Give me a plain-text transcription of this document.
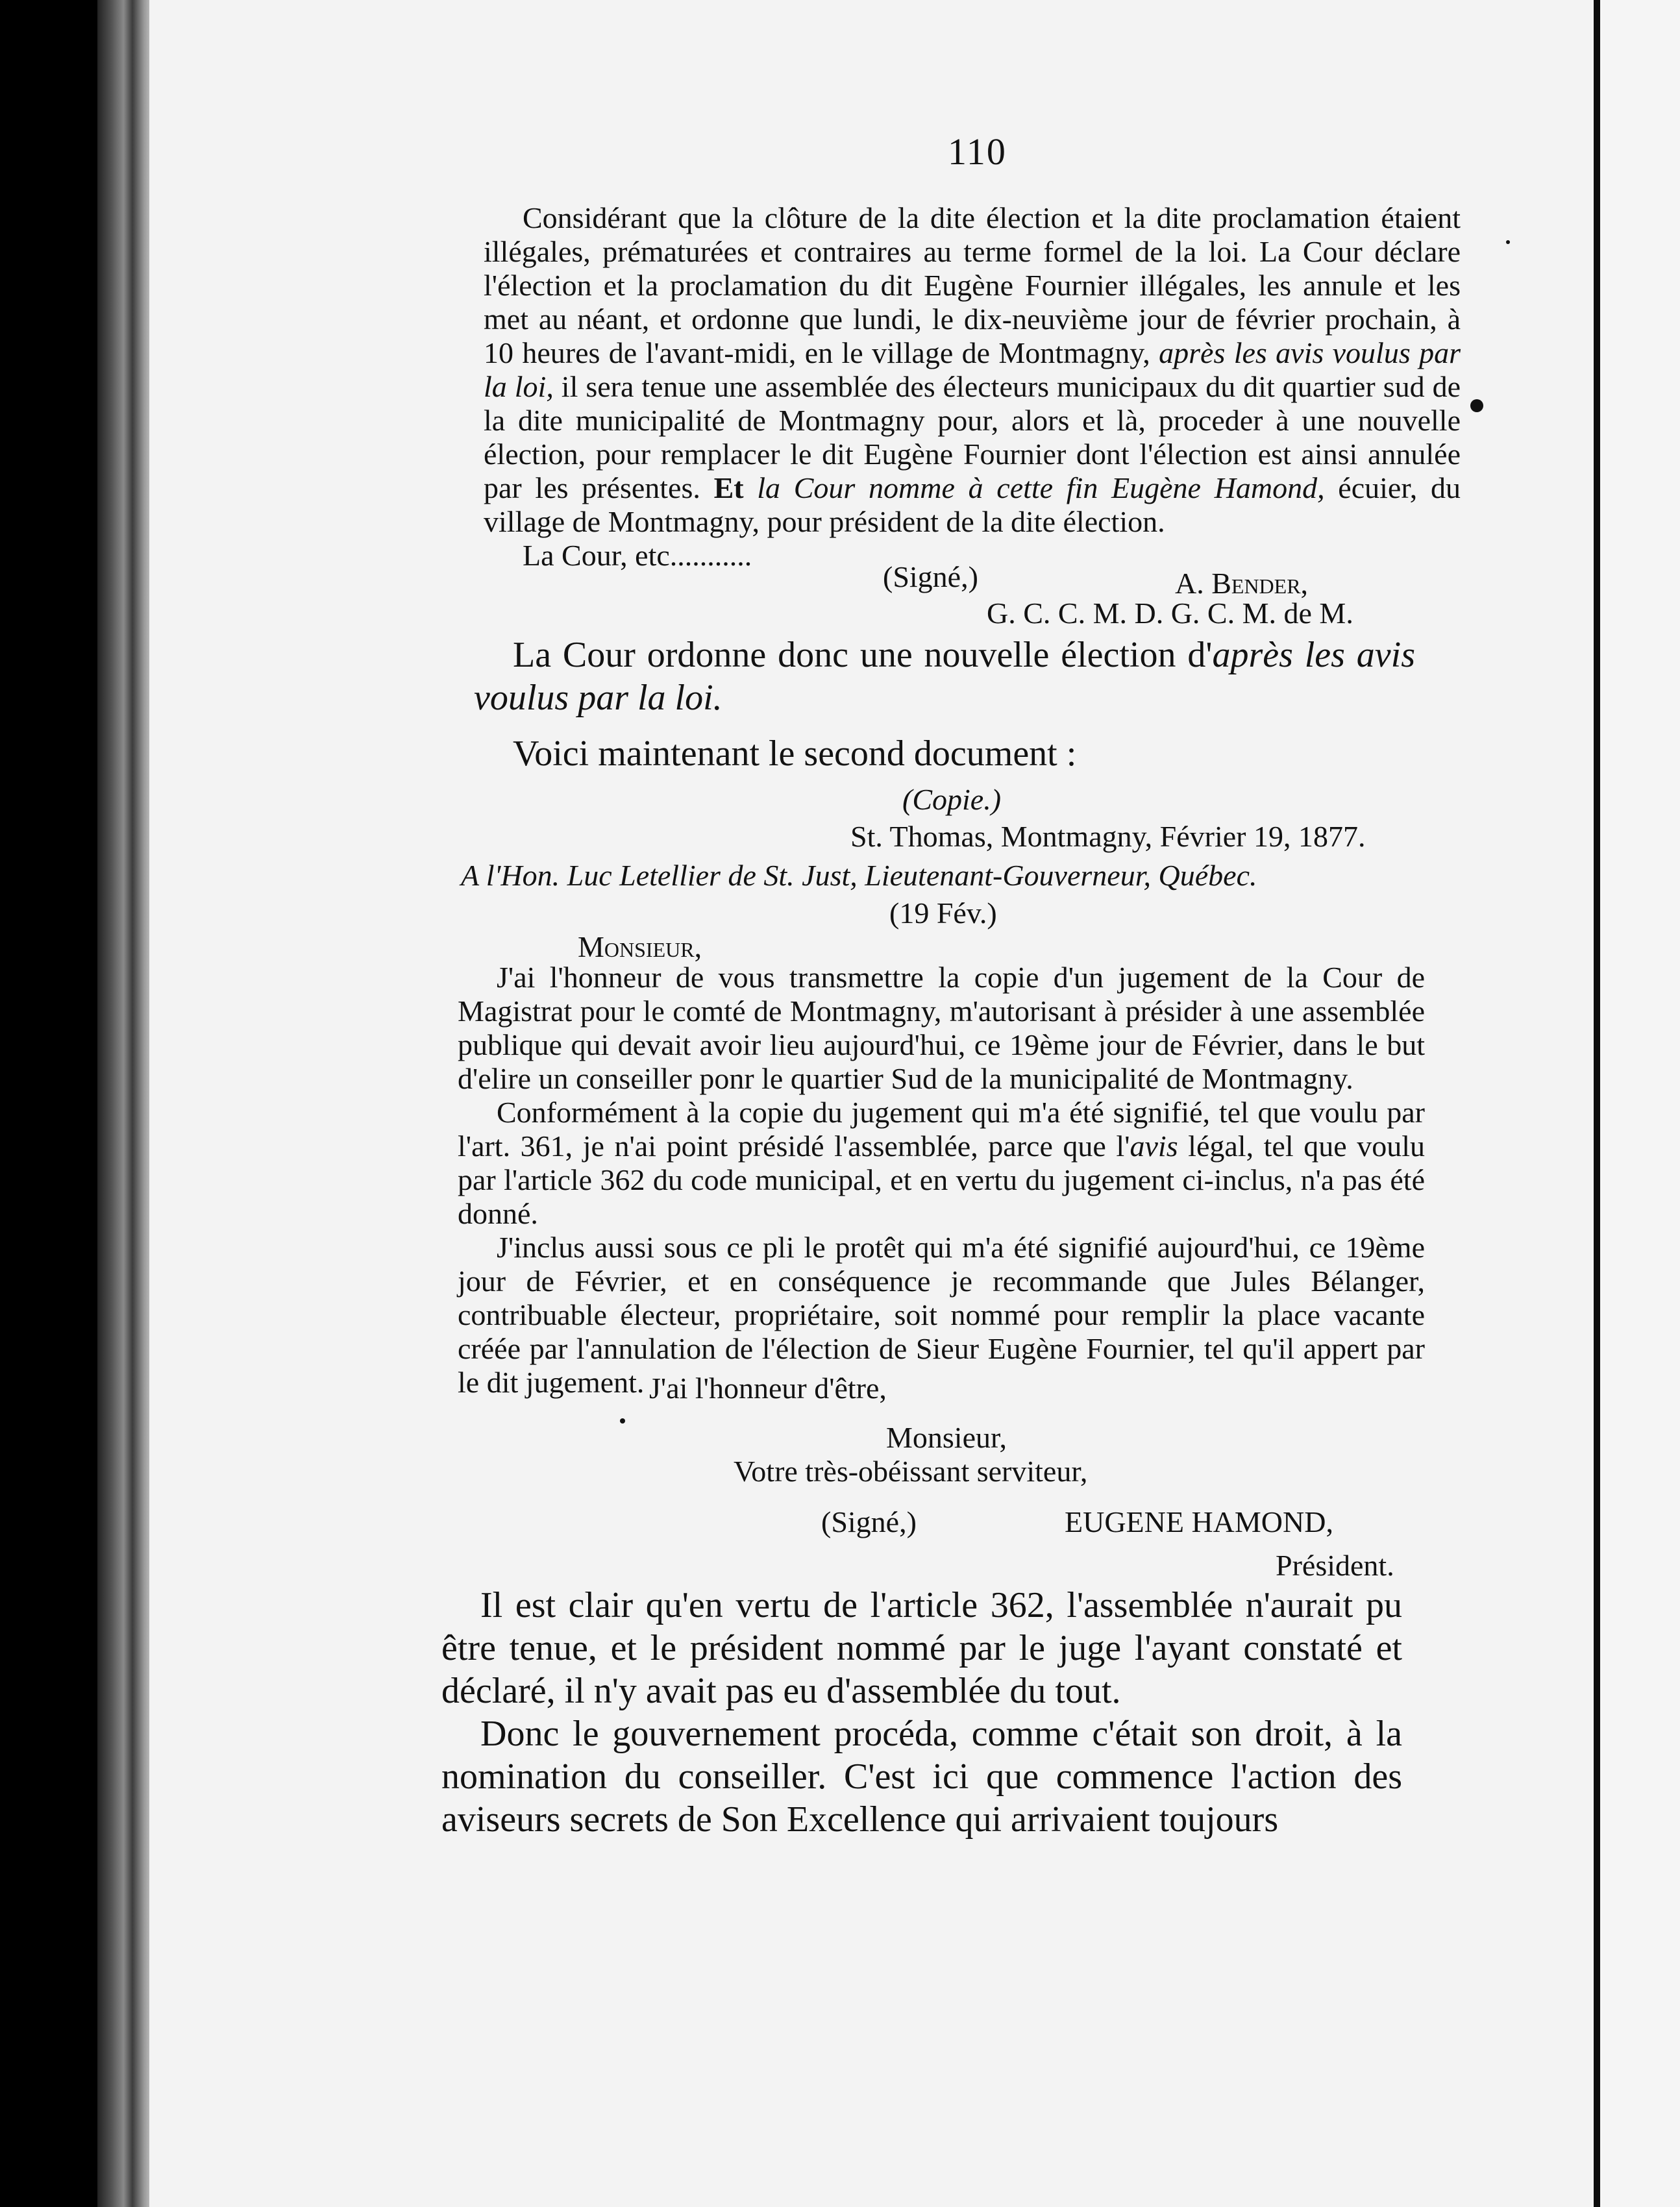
110

Considérant que la clôture de la dite élection et la dite proclamation étaient illégales, prématurées et contraires au terme formel de la loi. La Cour déclare l'élection et la proclamation du dit Eugène Fournier illégales, les annule et les met au néant, et ordonne que lundi, le dix-neuvième jour de février prochain, à 10 heures de l'avant-midi, en le village de Montmagny, après les avis voulus par la loi, il sera tenue une assemblée des électeurs municipaux du dit quartier sud de la dite municipalité de Montmagny pour, alors et là, proceder à une nouvelle élection, pour remplacer le dit Eugène Fournier dont l'élection est ainsi annulée par les présentes. Et la Cour nomme à cette fin Eugène Hamond, écuier, du village de Montmagny, pour président de la dite élection.

La Cour, etc...........

(Signé,)	A. Bender,
G. C. C. M. D. G. C. M. de M.

La Cour ordonne donc une nouvelle élection d'après les avis voulus par la loi.

Voici maintenant le second document :

(Copie.)
St. Thomas, Montmagny, Février 19, 1877.
A l'Hon. Luc Letellier de St. Just, Lieutenant-Gouverneur, Québec.
(19 Fév.)
Monsieur,

J'ai l'honneur de vous transmettre la copie d'un jugement de la Cour de Magistrat pour le comté de Montmagny, m'autorisant à présider à une assemblée publique qui devait avoir lieu aujourd'hui, ce 19ème jour de Février, dans le but d'elire un conseiller ponr le quartier Sud de la municipalité de Montmagny.

Conformément à la copie du jugement qui m'a été signifié, tel que voulu par l'art. 361, je n'ai point présidé l'assemblée, parce que l'avis légal, tel que voulu par l'article 362 du code municipal, et en vertu du jugement ci-inclus, n'a pas été donné.

J'inclus aussi sous ce pli le protêt qui m'a été signifié aujourd'hui, ce 19ème jour de Février, et en conséquence je recommande que Jules Bélanger, contribuable électeur, propriétaire, soit nommé pour remplir la place vacante créée par l'annulation de l'élection de Sieur Eugène Fournier, tel qu'il appert par le dit jugement. J'ai l'honneur d'être,
Monsieur,
Votre très-obéissant serviteur,
(Signé,)	EUGENE HAMOND,
Président.

Il est clair qu'en vertu de l'article 362, l'assemblée n'aurait pu être tenue, et le président nommé par le juge l'ayant constaté et déclaré, il n'y avait pas eu d'assemblée du tout.

Donc le gouvernement procéda, comme c'était son droit, à la nomination du conseiller. C'est ici que commence l'action des aviseurs secrets de Son Excellence qui arrivaient toujours
